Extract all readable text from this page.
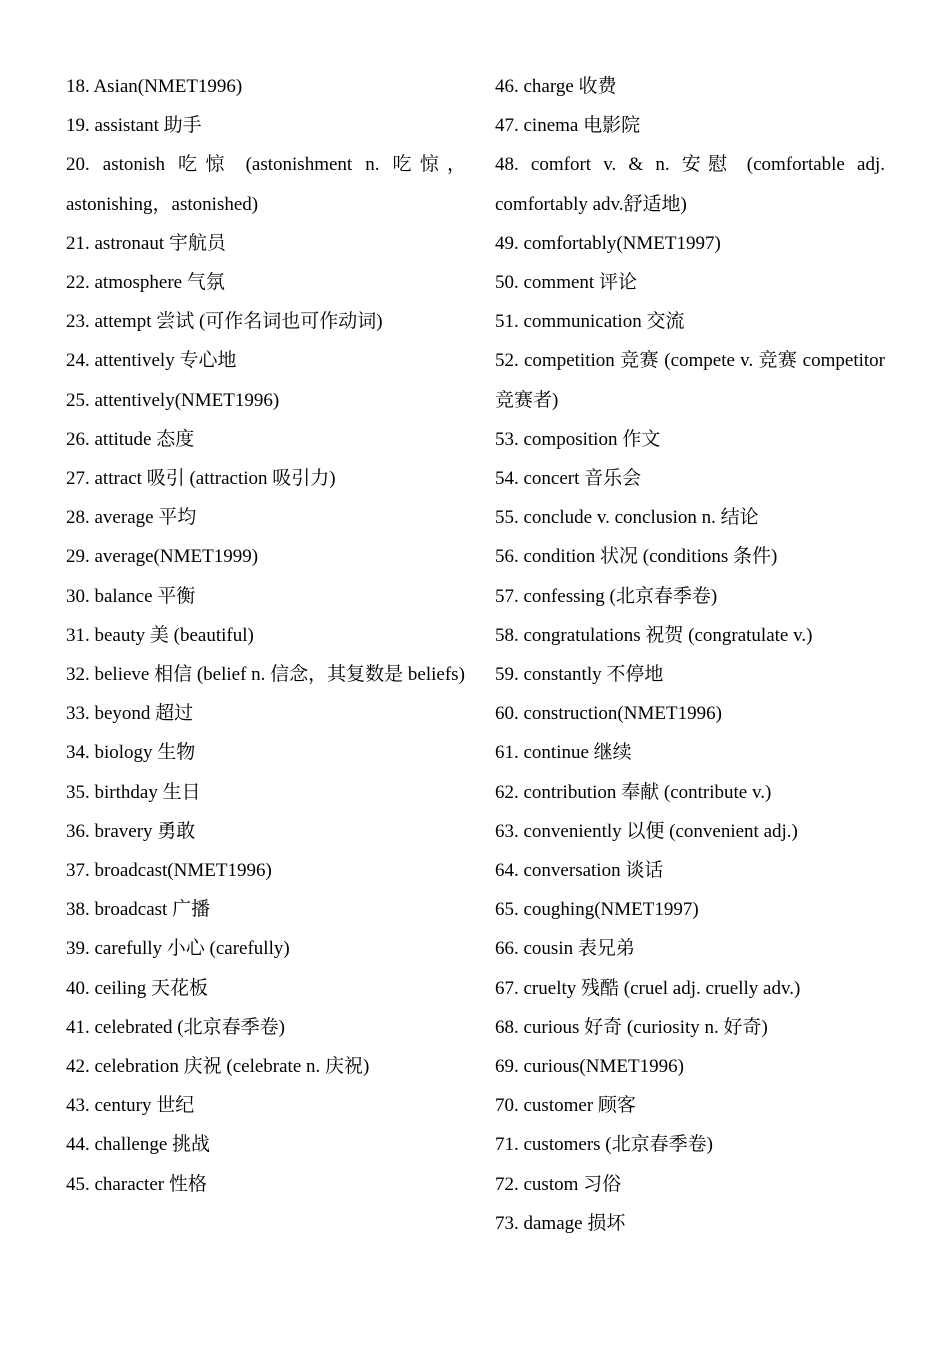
18. Asian(NMET1996)

19. assistant 助手

20. astonish 吃惊 (astonishment n. 吃惊，astonishing，astonished)

21. astronaut 宇航员

22. atmosphere 气氛

23. attempt 尝试 (可作名词也可作动词)

24. attentively 专心地

25. attentively(NMET1996)

26. attitude 态度

27. attract 吸引 (attraction 吸引力)

28. average 平均

29. average(NMET1999)

30. balance 平衡

31. beauty 美 (beautiful)

32. believe 相信 (belief n. 信念，其复数是 beliefs)

33. beyond 超过

34. biology 生物

35. birthday 生日

36. bravery 勇敢

37. broadcast(NMET1996)

38. broadcast 广播

39. carefully 小心 (carefully)

40. ceiling 天花板

41. celebrated (北京春季卷)

42. celebration 庆祝 (celebrate n. 庆祝)

43. century 世纪

44. challenge 挑战

45. character 性格

46. charge 收费

47. cinema 电影院

48. comfort v. & n. 安慰 (comfortable adj. comfortably adv.舒适地)

49. comfortably(NMET1997)

50. comment 评论

51. communication 交流

52. competition 竞赛 (compete v. 竞赛 competitor 竞赛者)

53. composition 作文

54. concert 音乐会

55. conclude v. conclusion n. 结论

56. condition 状况 (conditions 条件)

57. confessing (北京春季卷)

58. congratulations 祝贺 (congratulate v.)

59. constantly 不停地

60. construction(NMET1996)

61. continue 继续

62. contribution 奉献 (contribute v.)

63. conveniently 以便 (convenient adj.)

64. conversation 谈话

65. coughing(NMET1997)

66. cousin 表兄弟

67. cruelty 残酷 (cruel adj. cruelly adv.)

68. curious 好奇 (curiosity n. 好奇)

69. curious(NMET1996)

70. customer 顾客

71. customers (北京春季卷)

72. custom 习俗

73. damage 损坏
